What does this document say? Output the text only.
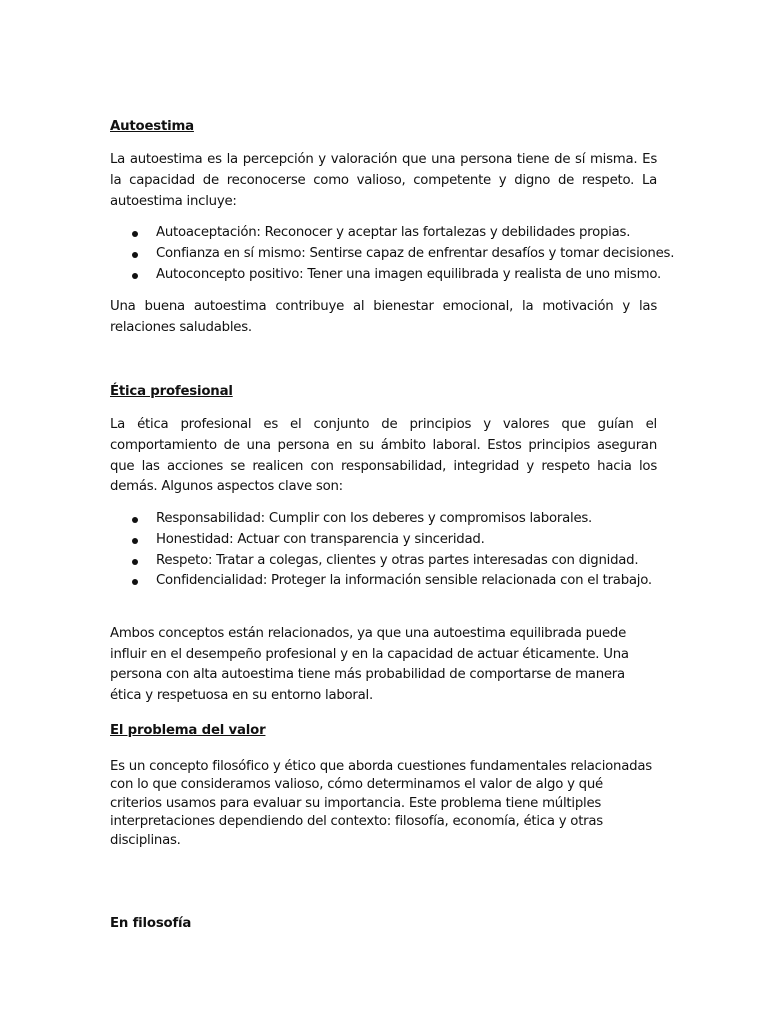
Autoestima

La autoestima es la percepción y valoración que una persona tiene de sí misma. Es la capacidad de reconocerse como valioso, competente y digno de respeto. La autoestima incluye:

Autoaceptación: Reconocer y aceptar las fortalezas y debilidades propias.
Confianza en sí mismo: Sentirse capaz de enfrentar desafíos y tomar decisiones.
Autoconcepto positivo: Tener una imagen equilibrada y realista de uno mismo.

Una buena autoestima contribuye al bienestar emocional, la motivación y las relaciones saludables.

Ética profesional

La ética profesional es el conjunto de principios y valores que guían el comportamiento de una persona en su ámbito laboral. Estos principios aseguran que las acciones se realicen con responsabilidad, integridad y respeto hacia los demás. Algunos aspectos clave son:

Responsabilidad: Cumplir con los deberes y compromisos laborales.
Honestidad: Actuar con transparencia y sinceridad.
Respeto: Tratar a colegas, clientes y otras partes interesadas con dignidad.
Confidencialidad: Proteger la información sensible relacionada con el trabajo.

Ambos conceptos están relacionados, ya que una autoestima equilibrada puede influir en el desempeño profesional y en la capacidad de actuar éticamente. Una persona con alta autoestima tiene más probabilidad de comportarse de manera ética y respetuosa en su entorno laboral.

El problema del valor

Es un concepto filosófico y ético que aborda cuestiones fundamentales relacionadas con lo que consideramos valioso, cómo determinamos el valor de algo y qué criterios usamos para evaluar su importancia. Este problema tiene múltiples interpretaciones dependiendo del contexto: filosofía, economía, ética y otras disciplinas.

En filosofía
